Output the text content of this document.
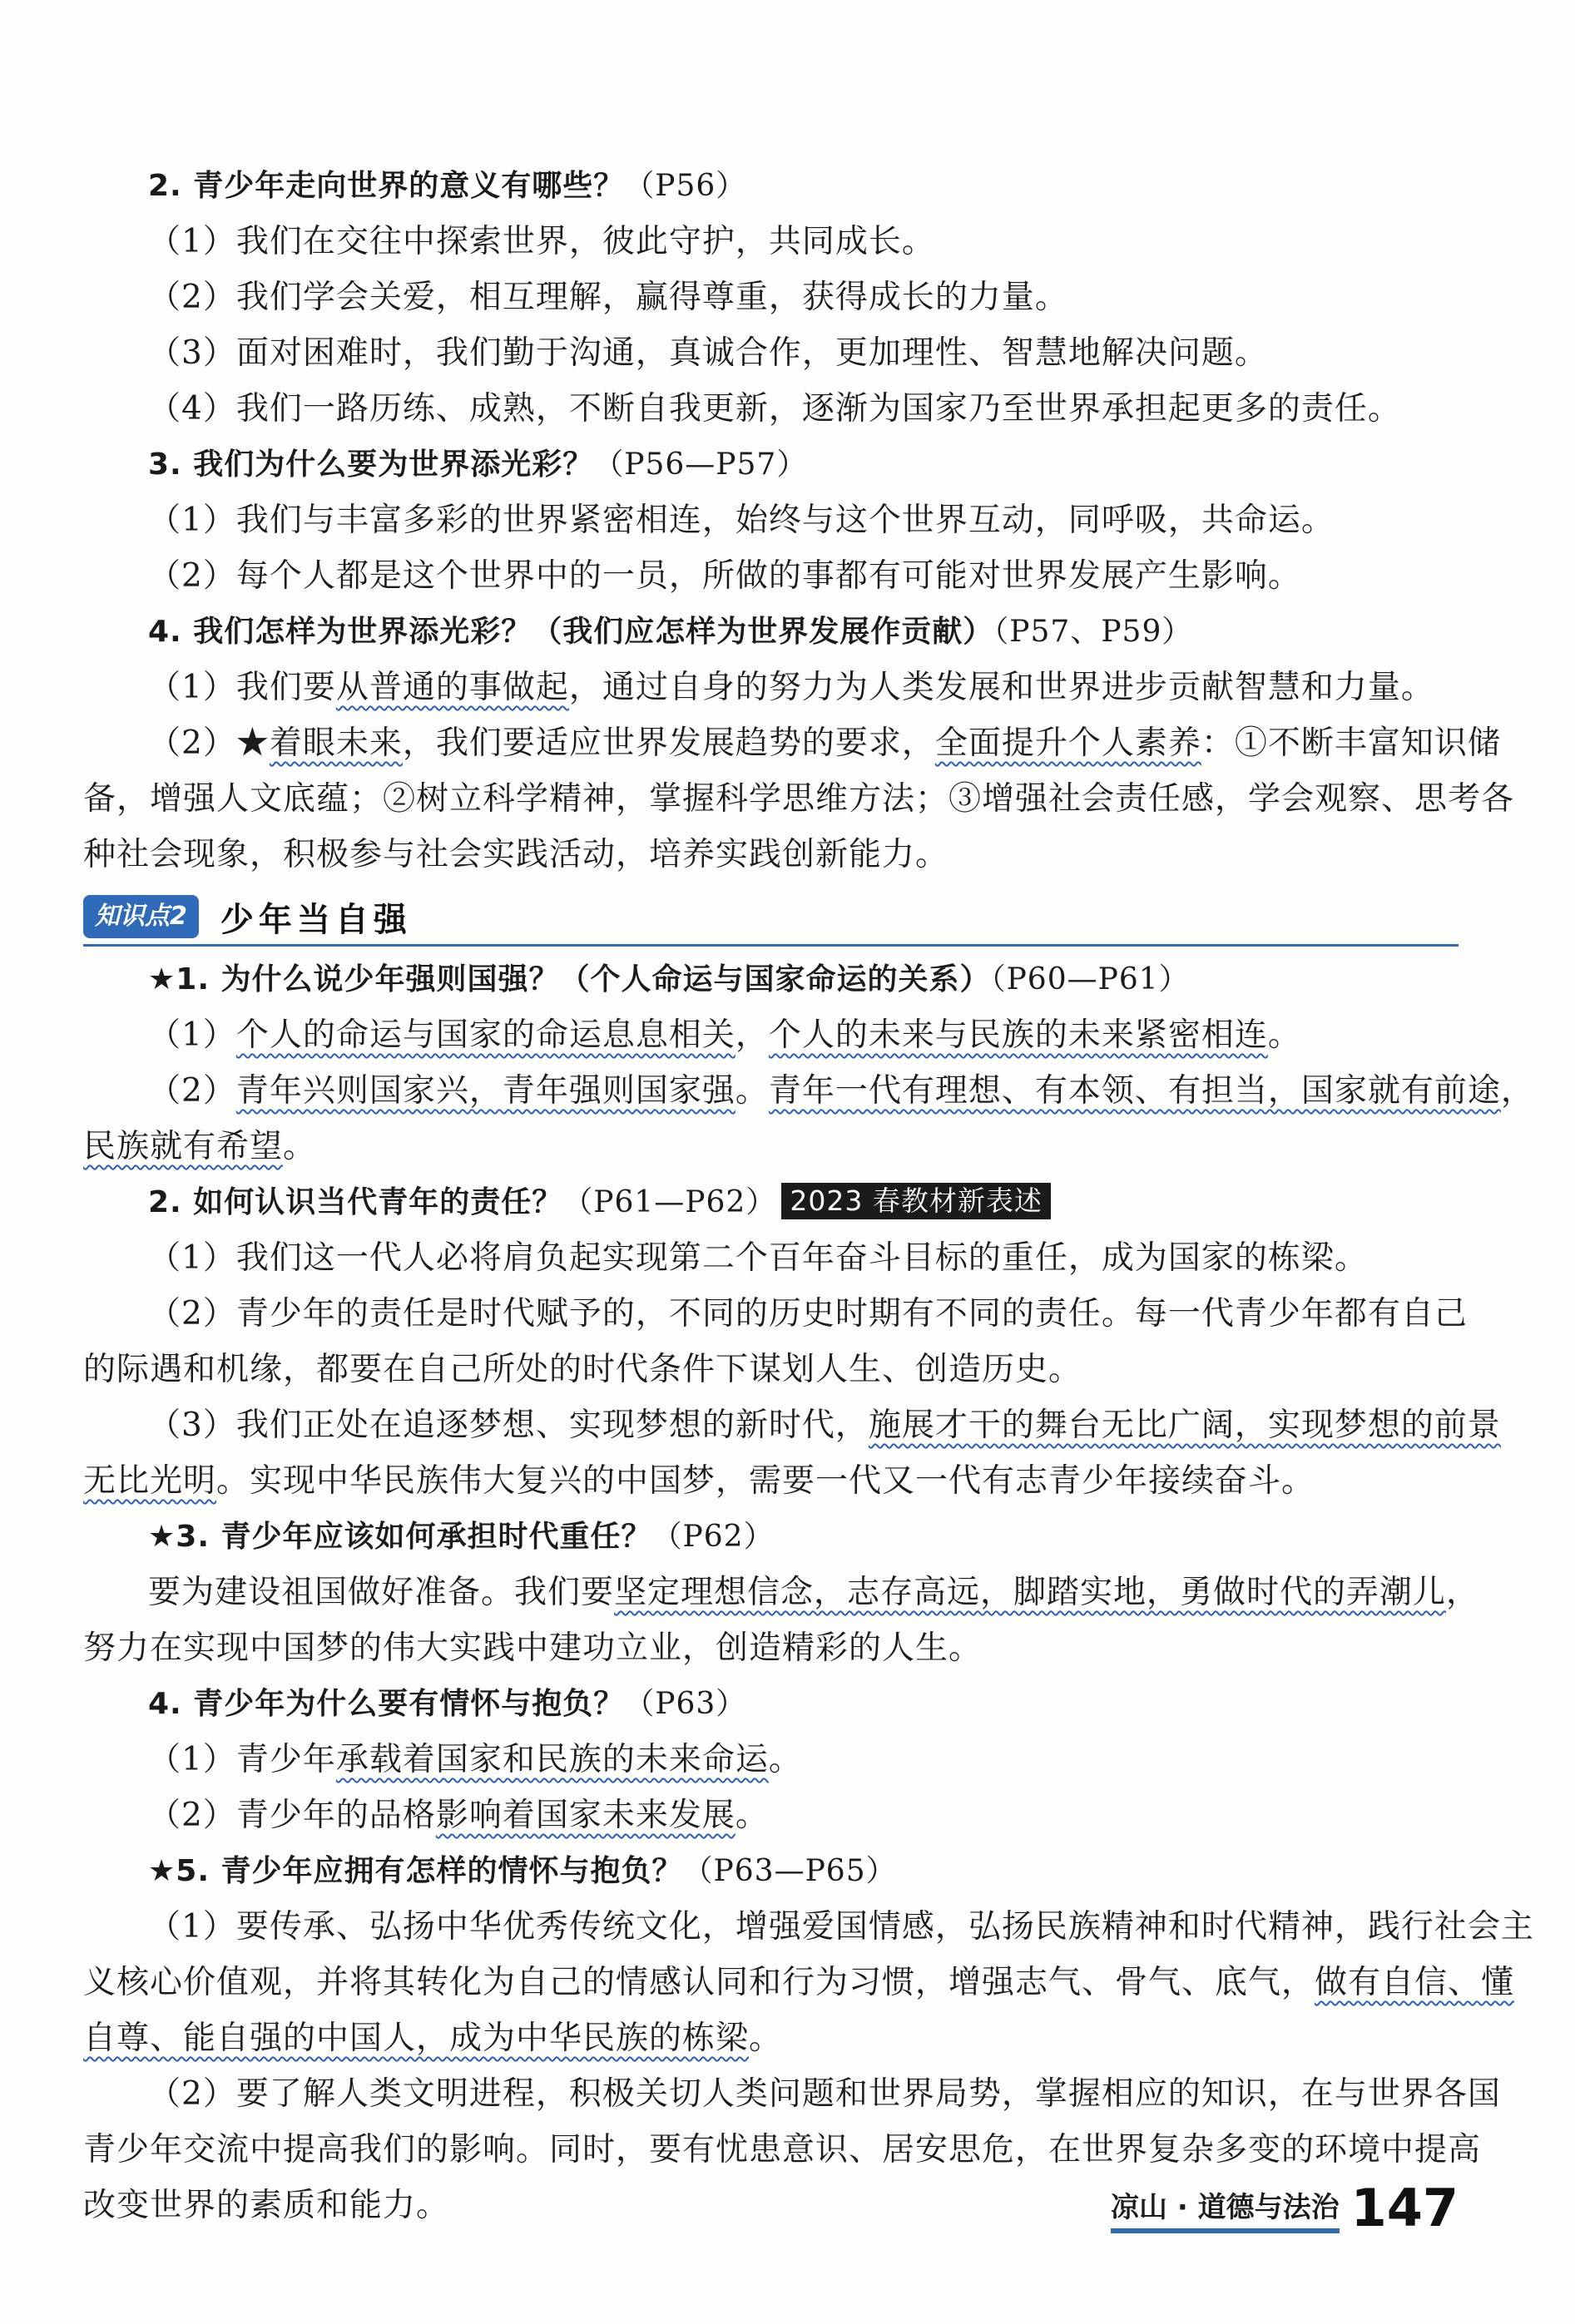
2. 青少年走向世界的意义有哪些？（P56）

（1）我们在交往中探索世界，彼此守护，共同成长。

（2）我们学会关爱，相互理解，赢得尊重，获得成长的力量。

（3）面对困难时，我们勤于沟通，真诚合作，更加理性、智慧地解决问题。

（4）我们一路历练、成熟，不断自我更新，逐渐为国家乃至世界承担起更多的责任。

3. 我们为什么要为世界添光彩？（P56—P57）

（1）我们与丰富多彩的世界紧密相连，始终与这个世界互动，同呼吸，共命运。

（2）每个人都是这个世界中的一员，所做的事都有可能对世界发展产生影响。

4. 我们怎样为世界添光彩？（我们应怎样为世界发展作贡献）（P57、P59）

（1）我们要从普通的事做起，通过自身的努力为人类发展和世界进步贡献智慧和力量。

（2）★着眼未来，我们要适应世界发展趋势的要求，全面提升个人素养：①不断丰富知识储

备，增强人文底蕴；②树立科学精神，掌握科学思维方法；③增强社会责任感，学会观察、思考各

种社会现象，积极参与社会实践活动，培养实践创新能力。

知识点2	少年当自强

★1. 为什么说少年强则国强？（个人命运与国家命运的关系）（P60—P61）

（1）个人的命运与国家的命运息息相关，个人的未来与民族的未来紧密相连。

（2）青年兴则国家兴，青年强则国家强。青年一代有理想、有本领、有担当，国家就有前途，

民族就有希望。

2. 如何认识当代青年的责任？（P61—P62） 2023 春教材新表述

（1）我们这一代人必将肩负起实现第二个百年奋斗目标的重任，成为国家的栋梁。

（2）青少年的责任是时代赋予的，不同的历史时期有不同的责任。每一代青少年都有自己

的际遇和机缘，都要在自己所处的时代条件下谋划人生、创造历史。

（3）我们正处在追逐梦想、实现梦想的新时代，施展才干的舞台无比广阔，实现梦想的前景

无比光明。实现中华民族伟大复兴的中国梦，需要一代又一代有志青少年接续奋斗。

★3. 青少年应该如何承担时代重任？（P62）

要为建设祖国做好准备。我们要坚定理想信念，志存高远，脚踏实地，勇做时代的弄潮儿，

努力在实现中国梦的伟大实践中建功立业，创造精彩的人生。

4. 青少年为什么要有情怀与抱负？（P63）

（1）青少年承载着国家和民族的未来命运。

（2）青少年的品格影响着国家未来发展。

★5. 青少年应拥有怎样的情怀与抱负？（P63—P65）

（1）要传承、弘扬中华优秀传统文化，增强爱国情感，弘扬民族精神和时代精神，践行社会主

义核心价值观，并将其转化为自己的情感认同和行为习惯，增强志气、骨气、底气，做有自信、懂

自尊、能自强的中国人，成为中华民族的栋梁。

（2）要了解人类文明进程，积极关切人类问题和世界局势，掌握相应的知识，在与世界各国

青少年交流中提高我们的影响。同时，要有忧患意识、居安思危，在世界复杂多变的环境中提高

改变世界的素质和能力。	凉山 · 道德与法治 147
